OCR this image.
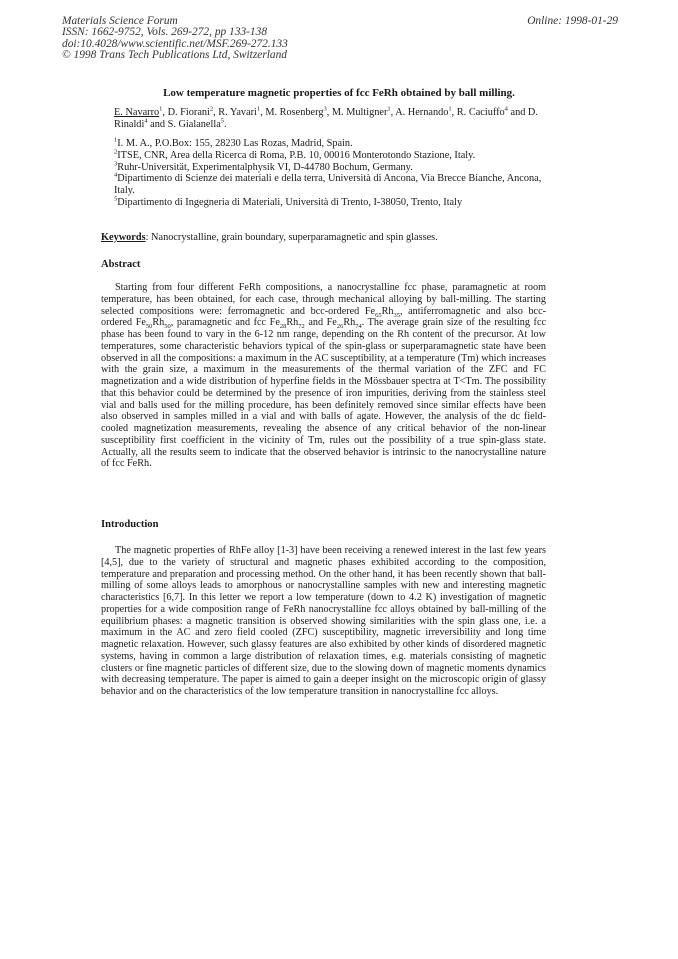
Materials Science Forum
ISSN: 1662-9752, Vols. 269-272, pp 133-138
doi:10.4028/www.scientific.net/MSF.269-272.133
© 1998 Trans Tech Publications Ltd, Switzerland
Online: 1998-01-29
Low temperature magnetic properties of fcc FeRh obtained by ball milling.
E. Navarro$^1$, D. Fiorani$^2$, R. Yavari$^1$, M. Rosenberg$^3$, M. Multigner$^1$, A. Hernando$^1$, R. Caciuffo$^4$ and D. Rinaldi$^4$ and S. Gialanella$^5$.
$^1$I. M. A., P.O.Box: 155, 28230 Las Rozas, Madrid, Spain.
$^2$ITSE, CNR, Area della Ricerca di Roma, P.B. 10, 00016 Monterotondo Stazione, Italy.
$^3$Ruhr-Universität, Experimentalphysik VI, D-44780 Bochum, Germany.
$^4$Dipartimento di Scienze dei materiali e della terra, Università di Ancona, Via Brecce Bianche, Ancona, Italy.
$^5$Dipartimento di Ingegneria di Materiali, Università di Trento, I-38050, Trento, Italy
Keywords: Nanocrystalline, grain boundary, superparamagnetic and spin glasses.
Abstract

Starting from four different FeRh compositions, a nanocrystalline fcc phase, paramagnetic at room temperature, has been obtained, for each case, through mechanical alloying by ball-milling. The starting selected compositions were: ferromagnetic and bcc-ordered $Fe_{65}Rh_{35}$, antiferromagnetic and also bcc-ordered $Fe_{50}Rh_{50}$, paramagnetic and fcc $Fe_{28}Rh_{72}$ and $Fe_{26}Rh_{74}$. The average grain size of the resulting fcc phase has been found to vary in the 6-12 nm range, depending on the Rh content of the precursor. At low temperatures, some characteristic behaviors typical of the spin-glass or superparamagnetic state have been observed in all the compositions: a maximum in the AC susceptibility, at a temperature (Tm) which increases with the grain size, a maximum in the measurements of the thermal variation of the ZFC and FC magnetization and a wide distribution of hyperfine fields in the Mössbauer spectra at T<Tm. The possibility that this behavior could be determined by the presence of iron impurities, deriving from the stainless steel vial and balls used for the milling procedure, has been definitely removed since similar effects have been also observed in samples milled in a vial and with balls of agate. However, the analysis of the dc field-cooled magnetization measurements, revealing the absence of any critical behavior of the non-linear susceptibility first coefficient in the vicinity of Tm, rules out the possibility of a true spin-glass state. Actually, all the results seem to indicate that the observed behavior is intrinsic to the nanocrystalline nature of fcc FeRh.

Introduction

The magnetic properties of RhFe alloy [1-3] have been receiving a renewed interest in the last few years [4,5], due to the variety of structural and magnetic phases exhibited according to the composition, temperature and preparation and processing method. On the other hand, it has been recently shown that ball-milling of some alloys leads to amorphous or nanocrystalline samples with new and interesting magnetic characteristics [6,7]. In this letter we report a low temperature (down to 4.2 K) investigation of magnetic properties for a wide composition range of FeRh nanocrystalline fcc alloys obtained by ball-milling of the equilibrium phases: a magnetic transition is observed showing similarities with the spin glass one, i.e. a maximum in the AC and zero field cooled (ZFC) susceptibility, magnetic irreversibility and long time magnetic relaxation. However, such glassy features are also exhibited by other kinds of disordered magnetic systems, having in common a large distribution of relaxation times, e.g. materials consisting of magnetic clusters or fine magnetic particles of different size, due to the slowing down of magnetic moments dynamics with decreasing temperature. The paper is aimed to gain a deeper insight on the microscopic origin of glassy behavior and on the characteristics of the low temperature transition in nanocrystalline fcc alloys.
